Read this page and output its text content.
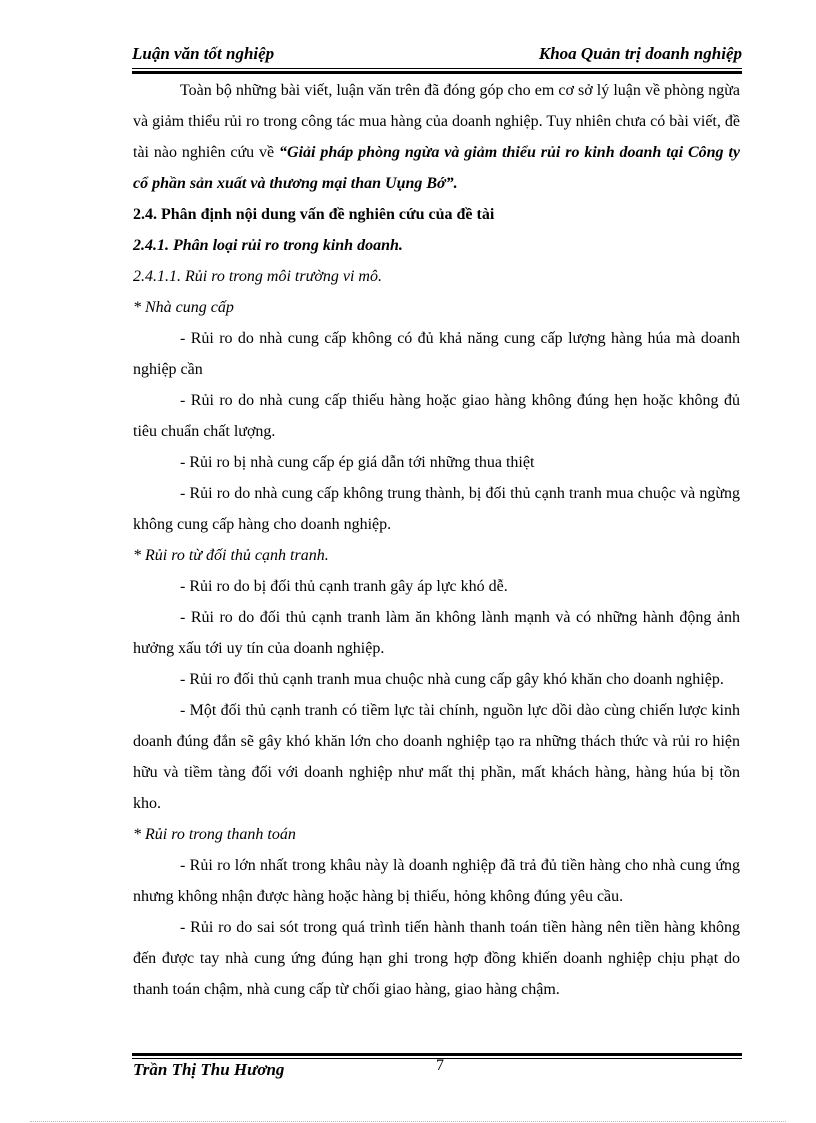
Luận văn tốt nghiệp	Khoa Quản trị doanh nghiệp

Toàn bộ những bài viết, luận văn trên đã đóng góp cho em cơ sở lý luận về phòng ngừa và giảm thiểu rủi ro trong công tác mua hàng của doanh nghiệp. Tuy nhiên chưa có bài viết, đề tài nào nghiên cứu về “Giải pháp phòng ngừa và giảm thiểu rủi ro kinh doanh tại Công ty cổ phần sản xuất và thương mại than Uụng Bớ”.

2.4. Phân định nội dung vấn đề nghiên cứu của đề tài

2.4.1. Phân loại rủi ro trong kinh doanh.

2.4.1.1. Rủi ro trong môi trường vi mô.

* Nhà cung cấp

- Rủi ro do nhà cung cấp không có đủ khả năng cung cấp lượng hàng húa mà doanh nghiệp cần

- Rủi ro do nhà cung cấp thiếu hàng hoặc giao hàng không đúng hẹn hoặc không đủ tiêu chuẩn chất lượng.

- Rủi ro bị nhà cung cấp ép giá dẫn tới những thua thiệt

- Rủi ro do nhà cung cấp không trung thành, bị đối thủ cạnh tranh mua chuộc và ngừng không cung cấp hàng cho doanh nghiệp.

* Rủi ro từ đối thủ cạnh tranh.

- Rủi ro do bị đối thủ cạnh tranh gây áp lực khó dễ.

- Rủi ro do đối thủ cạnh tranh làm ăn không lành mạnh và có những hành động ảnh hưởng xấu tới uy tín của doanh nghiệp.

- Rủi ro đối thủ cạnh tranh mua chuộc nhà cung cấp gây khó khăn cho doanh nghiệp.

- Một đối thủ cạnh tranh có tiềm lực tài chính, nguồn lực dồi dào cùng chiến lược kinh doanh đúng đắn sẽ gây khó khăn lớn cho doanh nghiệp tạo ra những thách thức và rủi ro hiện hữu và tiềm tàng đối với doanh nghiệp như mất thị phần, mất khách hàng, hàng húa bị tồn kho.

* Rủi ro trong thanh toán

- Rủi ro lớn nhất trong khâu này là doanh nghiệp đã trả đủ tiền hàng cho nhà cung ứng nhưng không nhận được hàng hoặc hàng bị thiếu, hỏng không đúng yêu cầu.

- Rủi ro do sai sót trong quá trình tiến hành thanh toán tiền hàng nên tiền hàng không đến được tay nhà cung ứng đúng hạn ghi trong hợp đồng khiến doanh nghiệp chịu phạt do thanh toán chậm, nhà cung cấp từ chối giao hàng, giao hàng chậm.

Trần Thị Thu Hương	7
